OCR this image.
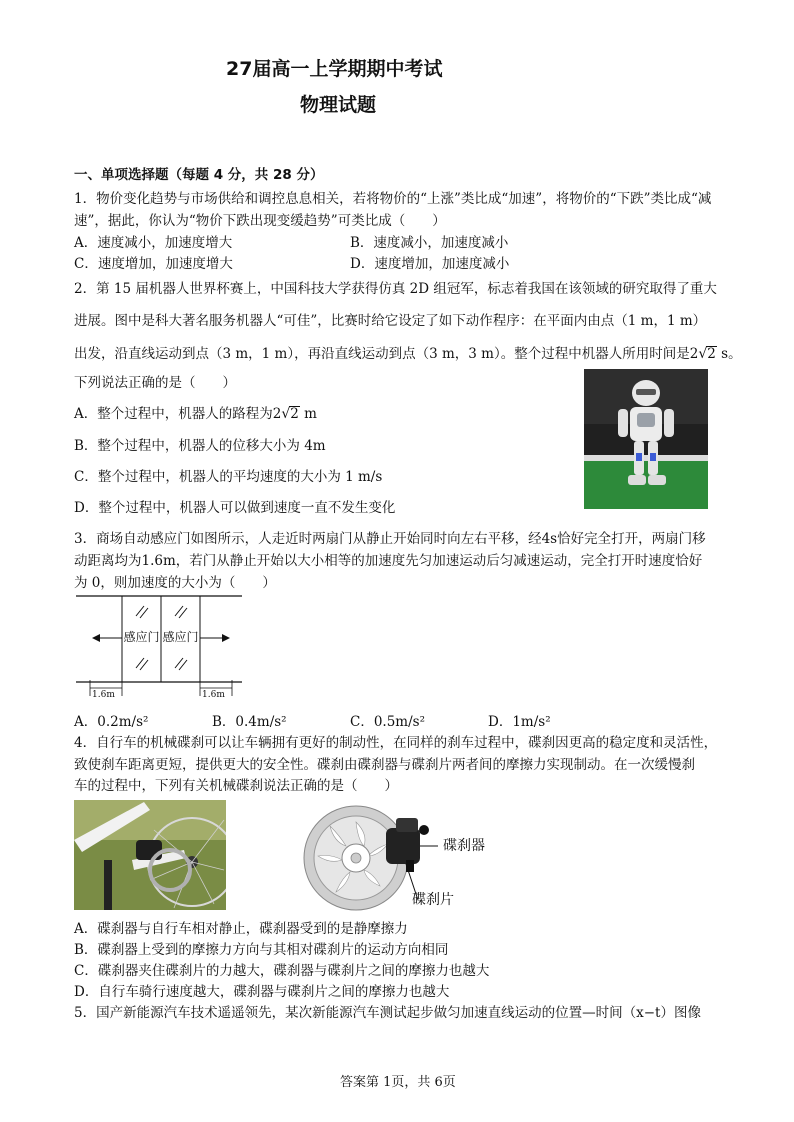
27届高一上学期期中考试
物理试题
一、单项选择题（每题 4 分，共 28 分）
1．物价变化趋势与市场供给和调控息息相关，若将物价的“上涨”类比成“加速”，将物价的“下跌”类比成“减
速”，据此，你认为“物价下跌出现变缓趋势”可类比成（　　）
A．速度减小，加速度增大	B．速度减小，加速度减小
C．速度增加，加速度增大	D．速度增加，加速度减小
2．第 15 届机器人世界杯赛上，中国科技大学获得仿真 2D 组冠军，标志着我国在该领域的研究取得了重大
进展。图中是科大著名服务机器人“可佳”，比赛时给它设定了如下动作程序：在平面内由点（1 m，1 m）
出发，沿直线运动到点（3 m，1 m），再沿直线运动到点（3 m，3 m）。整个过程中机器人所用时间是2√2 s。
下列说法正确的是（　　）
A．整个过程中，机器人的路程为2√2 m
B．整个过程中，机器人的位移大小为 4m
C．整个过程中，机器人的平均速度的大小为 1 m/s
D．整个过程中，机器人可以做到速度一直不发生变化
3．商场自动感应门如图所示，人走近时两扇门从静止开始同时向左右平移，经4s恰好完全打开，两扇门移
动距离均为1.6m，若门从静止开始以大小相等的加速度先匀加速运动后匀减速运动，完全打开时速度恰好
为 0，则加速度的大小为（　　）
感应门 感应门
1.6m	1.6m
A．0.2m/s²	B．0.4m/s²	C．0.5m/s²	D．1m/s²
4．自行车的机械碟刹可以让车辆拥有更好的制动性，在同样的刹车过程中，碟刹因更高的稳定度和灵活性，
致使刹车距离更短，提供更大的安全性。碟刹由碟刹器与碟刹片两者间的摩擦力实现制动。在一次缓慢刹
车的过程中，下列有关机械碟刹说法正确的是（　　）
碟刹器
碟刹片
A．碟刹器与自行车相对静止，碟刹器受到的是静摩擦力
B．碟刹器上受到的摩擦力方向与其相对碟刹片的运动方向相同
C．碟刹器夹住碟刹片的力越大，碟刹器与碟刹片之间的摩擦力也越大
D．自行车骑行速度越大，碟刹器与碟刹片之间的摩擦力也越大
5．国产新能源汽车技术遥遥领先，某次新能源汽车测试起步做匀加速直线运动的位置—时间（x−t）图像
答案第 1页，共 6页
